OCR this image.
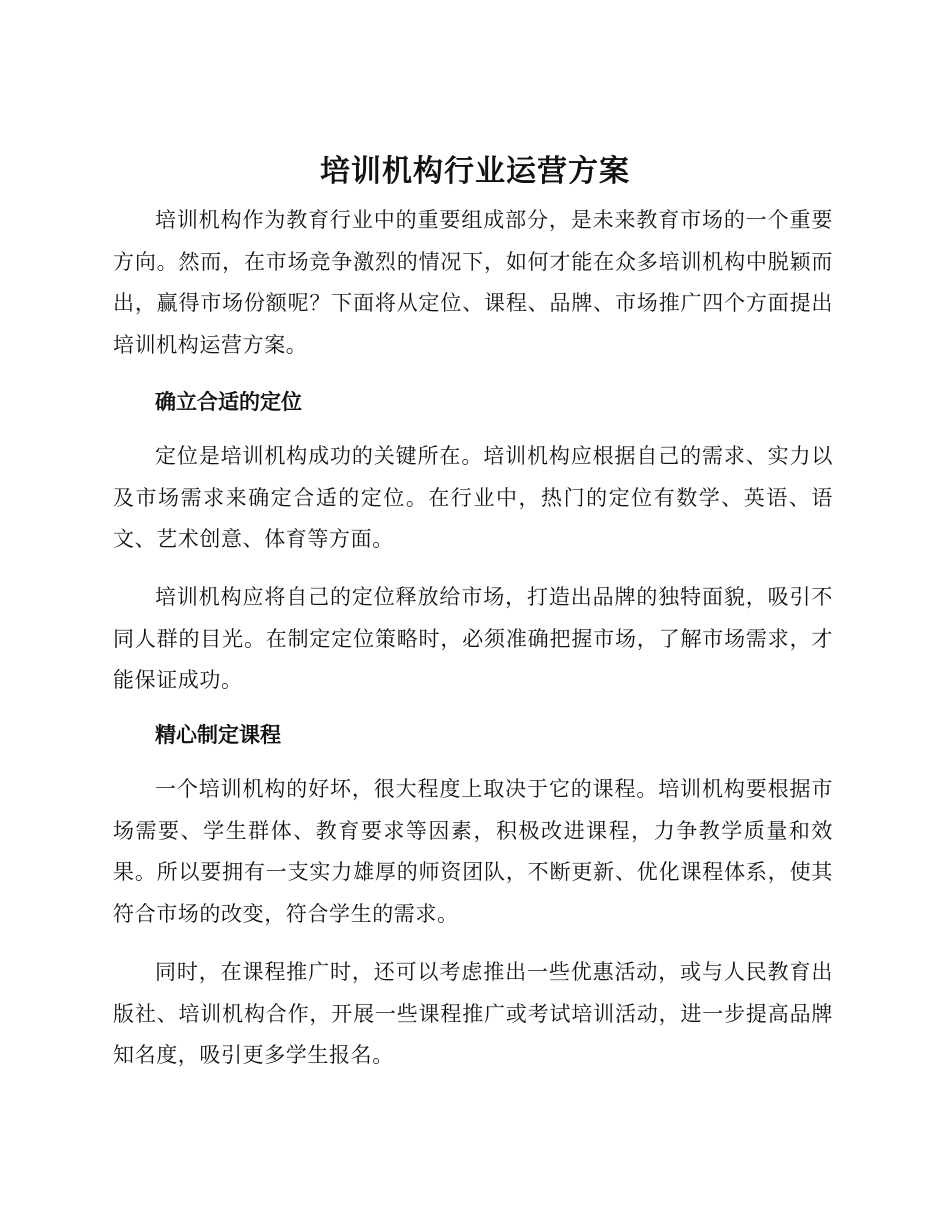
培训机构行业运营方案

培训机构作为教育行业中的重要组成部分，是未来教育市场的一个重要方向。然而，在市场竞争激烈的情况下，如何才能在众多培训机构中脱颖而出，赢得市场份额呢？下面将从定位、课程、品牌、市场推广四个方面提出培训机构运营方案。

确立合适的定位

定位是培训机构成功的关键所在。培训机构应根据自己的需求、实力以及市场需求来确定合适的定位。在行业中，热门的定位有数学、英语、语文、艺术创意、体育等方面。

培训机构应将自己的定位释放给市场，打造出品牌的独特面貌，吸引不同人群的目光。在制定定位策略时，必须准确把握市场，了解市场需求，才能保证成功。

精心制定课程

一个培训机构的好坏，很大程度上取决于它的课程。培训机构要根据市场需要、学生群体、教育要求等因素，积极改进课程，力争教学质量和效果。所以要拥有一支实力雄厚的师资团队，不断更新、优化课程体系，使其符合市场的改变，符合学生的需求。

同时，在课程推广时，还可以考虑推出一些优惠活动，或与人民教育出版社、培训机构合作，开展一些课程推广或考试培训活动，进一步提高品牌知名度，吸引更多学生报名。
